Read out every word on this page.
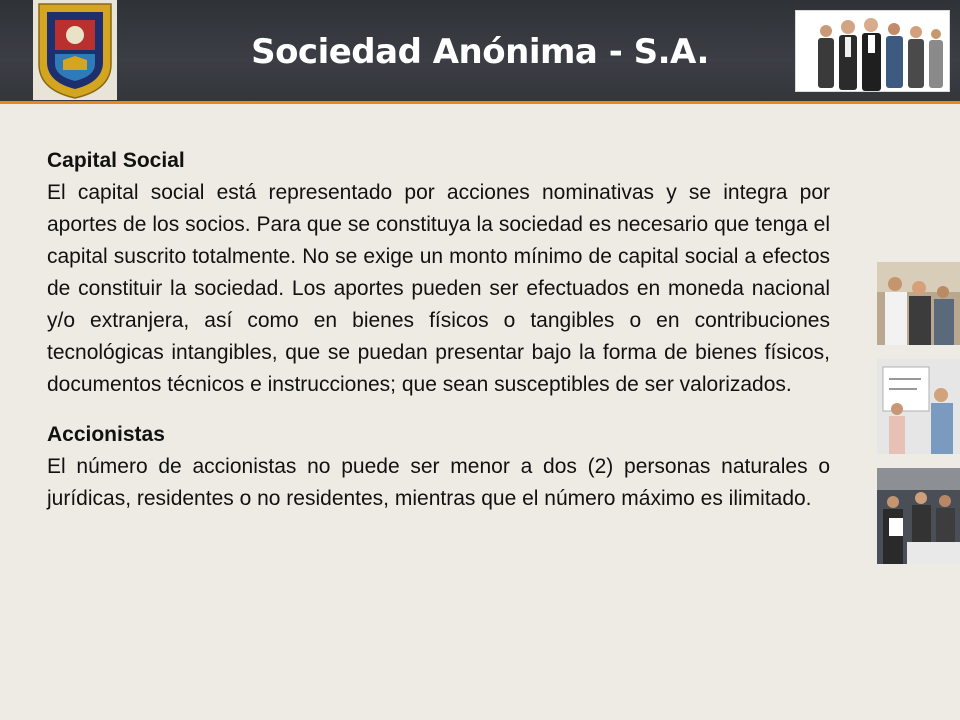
Sociedad Anónima - S.A.

Capital Social

El capital social está representado por acciones nominativas y se integra por aportes de los socios. Para que se constituya la sociedad es necesario que tenga el capital suscrito totalmente. No se exige un monto mínimo de capital social a efectos de constituir la sociedad. Los aportes pueden ser efectuados en moneda nacional y/o extranjera, así como en bienes físicos o tangibles o en contribuciones tecnológicas intangibles, que se puedan presentar bajo la forma de bienes físicos, documentos técnicos e instrucciones; que sean susceptibles de ser valorizados.

Accionistas

El número de accionistas no puede ser menor a dos (2) personas naturales o jurídicas, residentes o no residentes, mientras que el número máximo es ilimitado.
